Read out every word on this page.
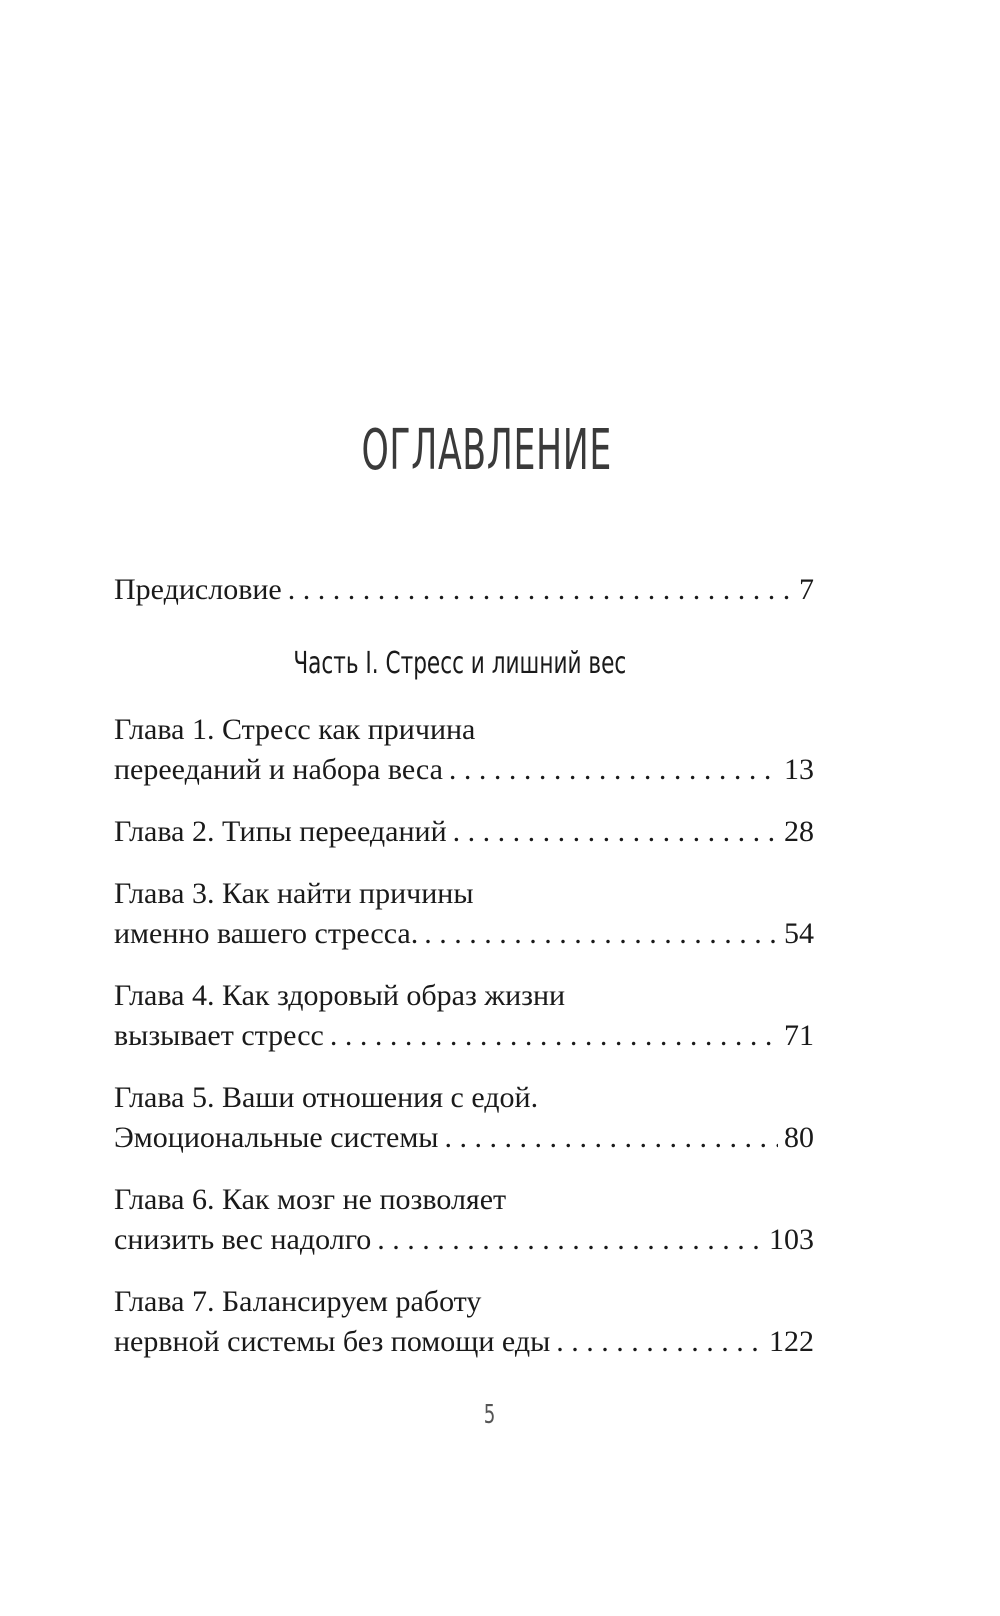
ОГЛАВЛЕНИЕ
Предисловие . . .	7
Часть I. Стресс и лишний вес
Глава 1. Стресс как причина
перееданий и набора веса . . .	13
Глава 2. Типы перееданий . . .	28
Глава 3. Как найти причины
именно вашего стресса. . . .	54
Глава 4. Как здоровый образ жизни
вызывает стресс . . .	71
Глава 5. Ваши отношения с едой.
Эмоциональные системы . . .	80
Глава 6. Как мозг не позволяет
снизить вес надолго . . .	103
Глава 7. Балансируем работу
нервной системы без помощи еды . . .	122
5
